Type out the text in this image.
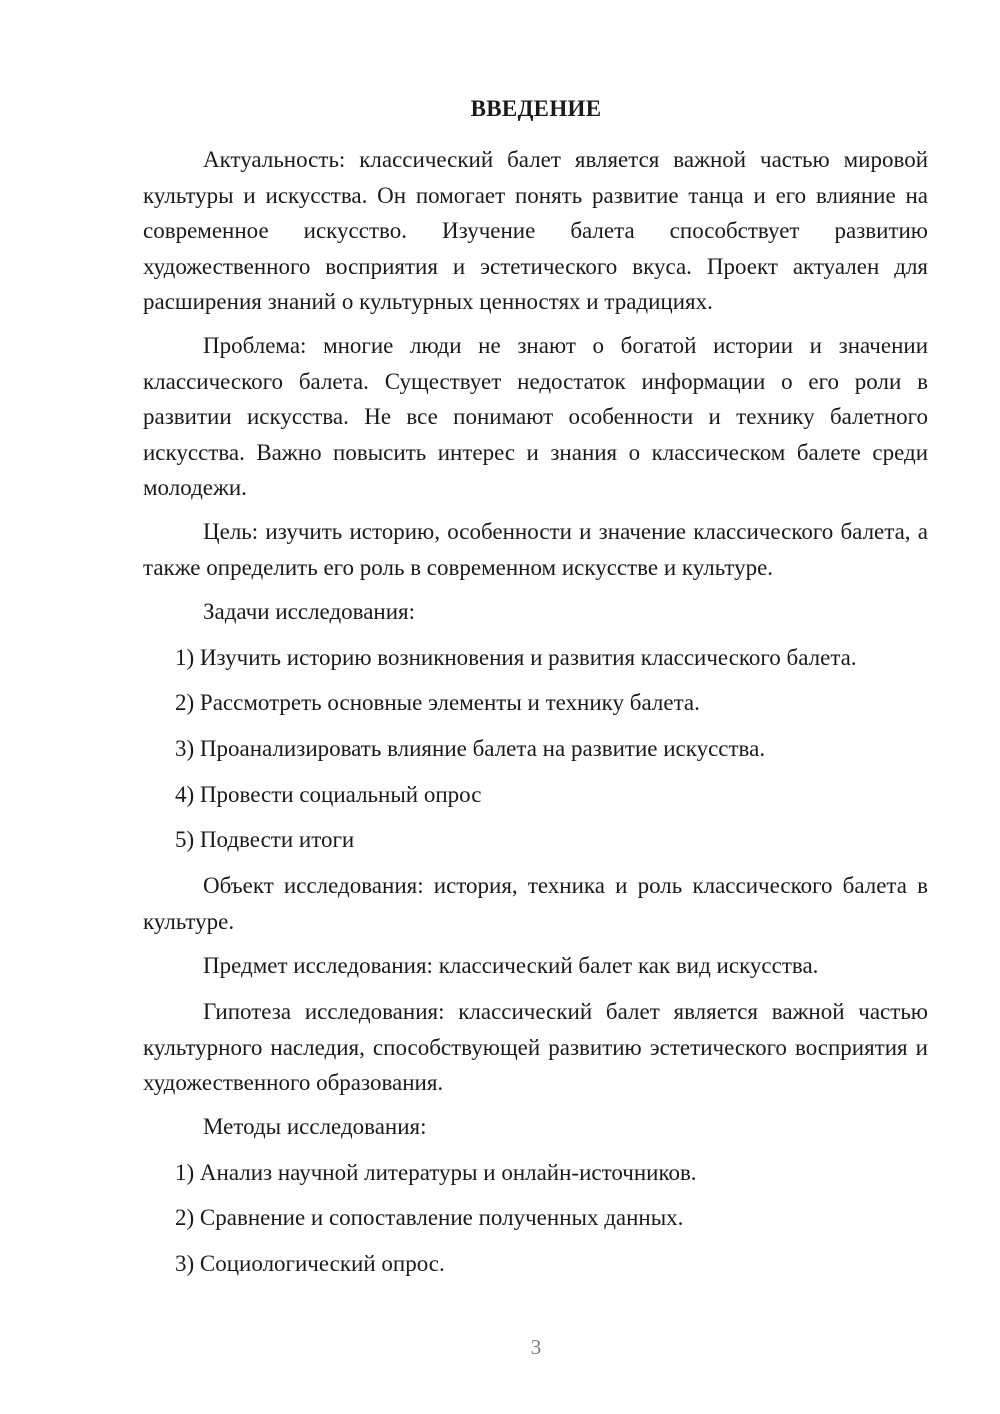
ВВЕДЕНИЕ

Актуальность: классический балет является важной частью мировой культуры и искусства. Он помогает понять развитие танца и его влияние на современное искусство. Изучение балета способствует развитию художественного восприятия и эстетического вкуса. Проект актуален для расширения знаний о культурных ценностях и традициях.

Проблема: многие люди не знают о богатой истории и значении классического балета. Существует недостаток информации о его роли в развитии искусства. Не все понимают особенности и технику балетного искусства. Важно повысить интерес и знания о классическом балете среди молодежи.

Цель: изучить историю, особенности и значение классического балета, а также определить его роль в современном искусстве и культуре.

Задачи исследования:

1) Изучить историю возникновения и развития классического балета.

2) Рассмотреть основные элементы и технику балета.

3) Проанализировать влияние балета на развитие искусства.

4) Провести социальный опрос

5) Подвести итоги

Объект исследования: история, техника и роль классического балета в культуре.

Предмет исследования: классический балет как вид искусства.

Гипотеза исследования: классический балет является важной частью культурного наследия, способствующей развитию эстетического восприятия и художественного образования.

Методы исследования:

1) Анализ научной литературы и онлайн-источников.

2) Сравнение и сопоставление полученных данных.

3) Социологический опрос.

3
